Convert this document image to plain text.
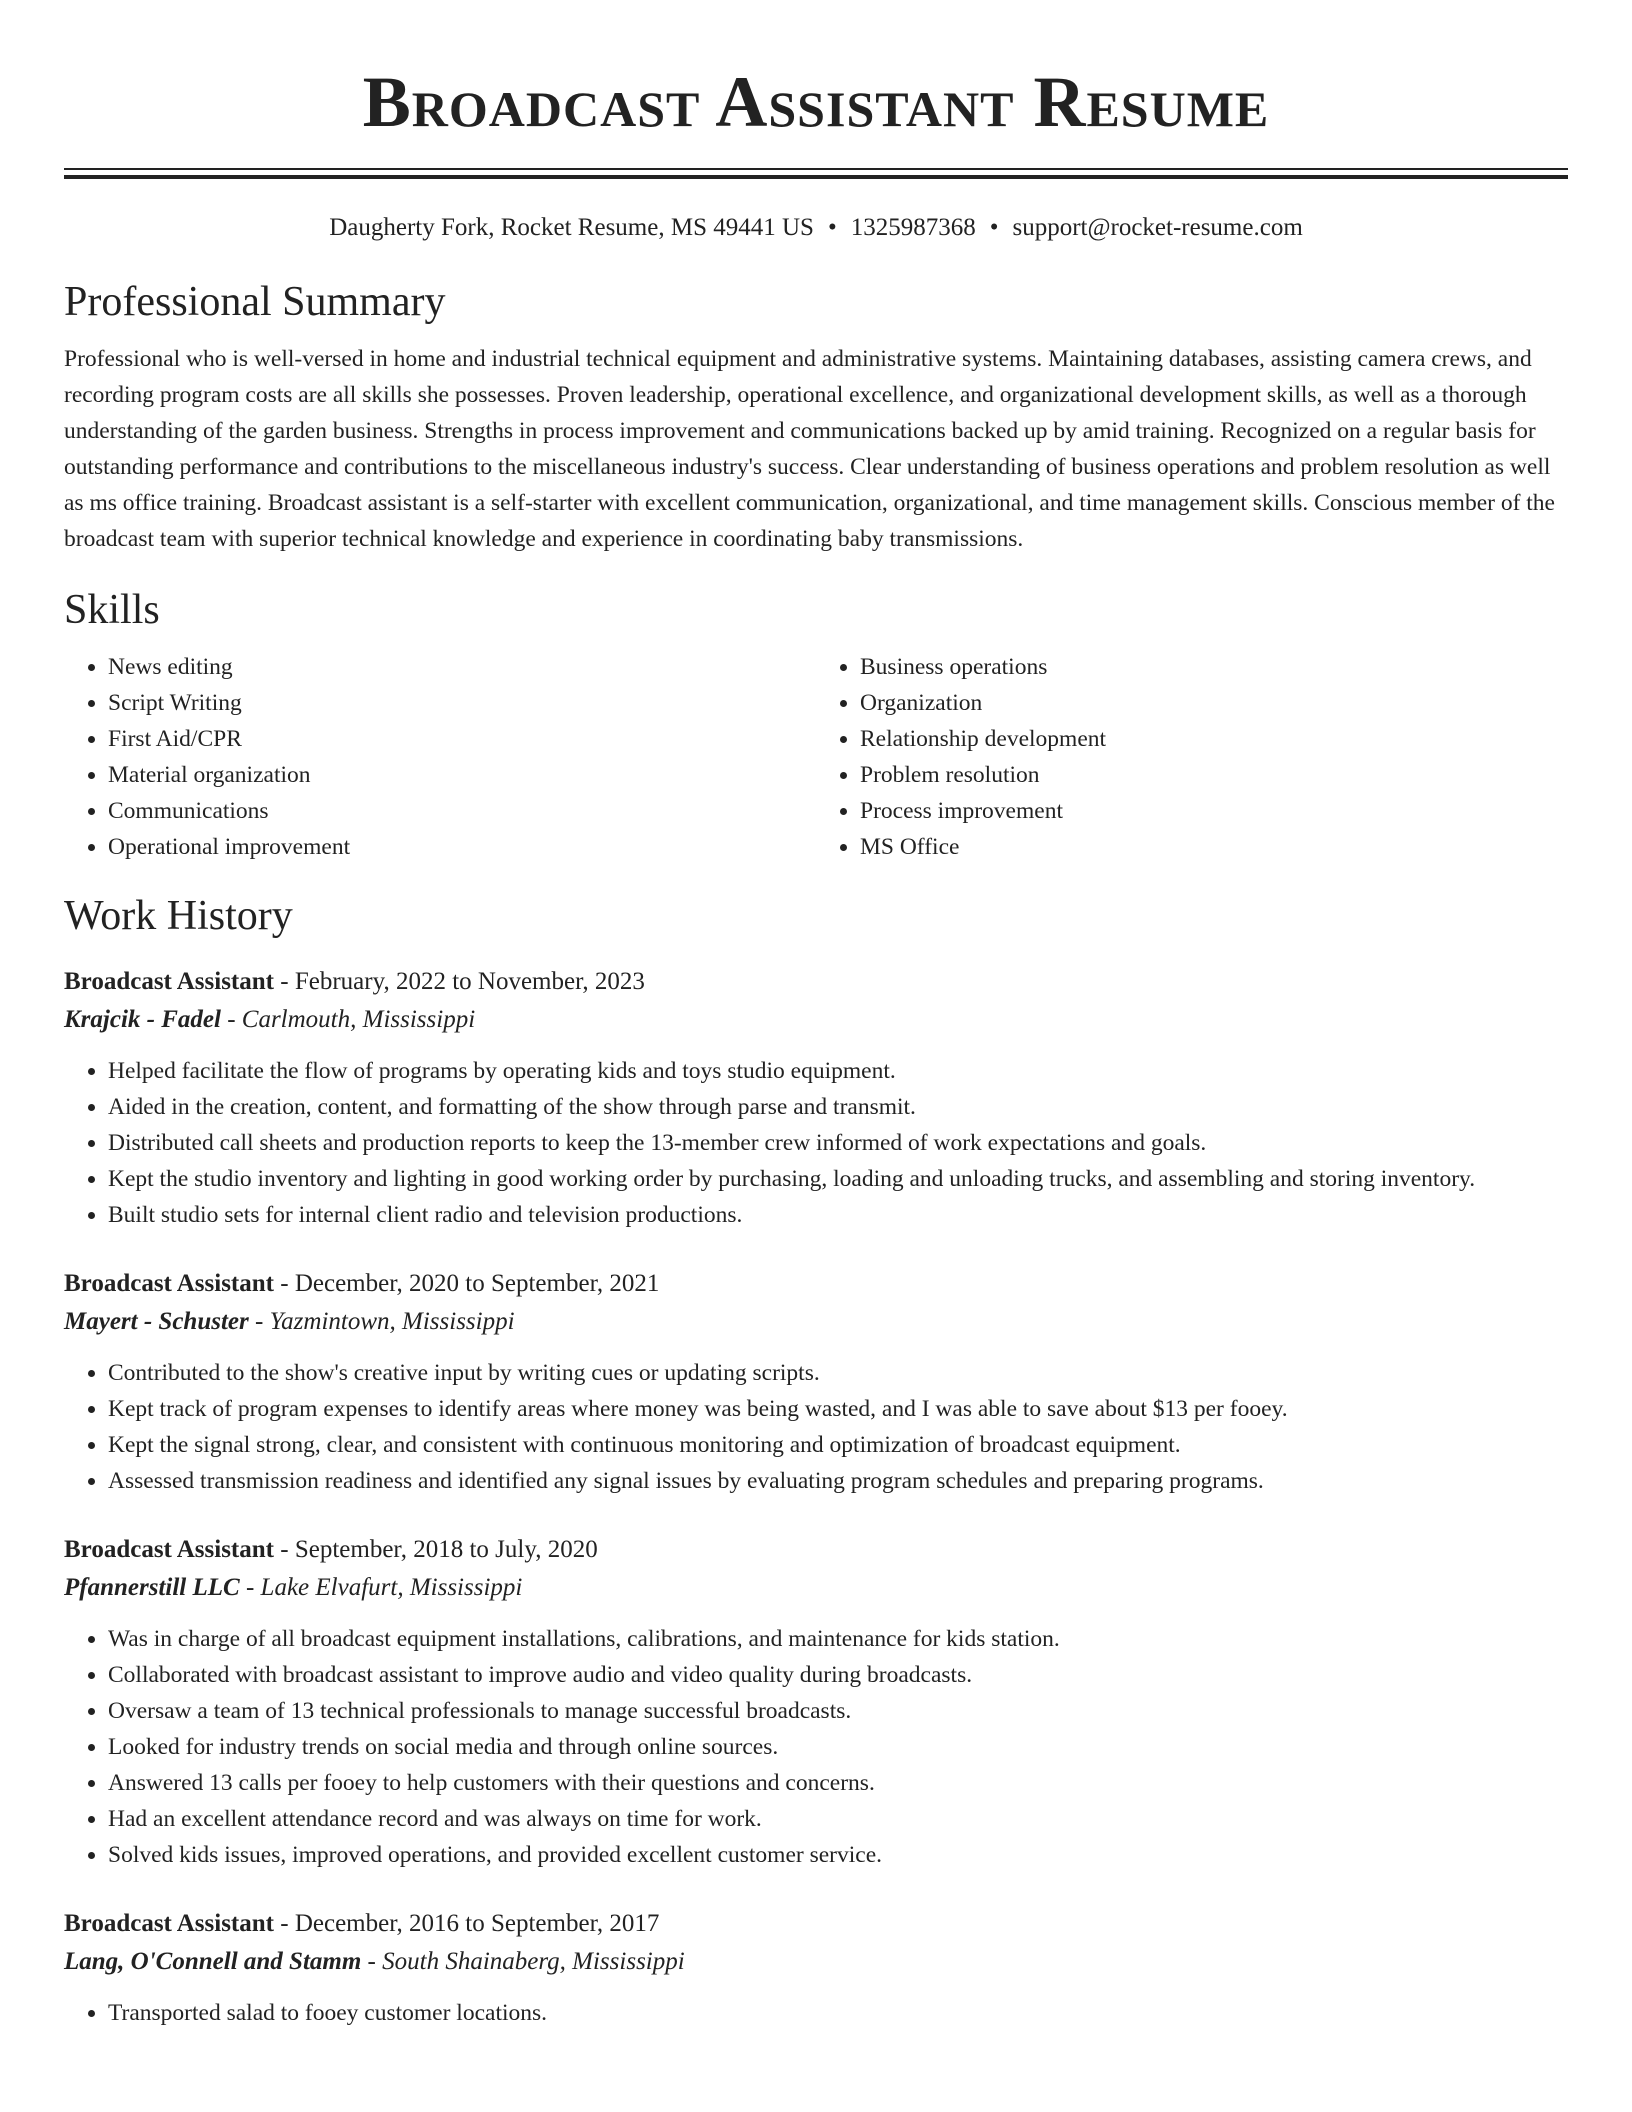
Broadcast Assistant Resume
Daugherty Fork, Rocket Resume, MS 49441 US • 1325987368 • support@rocket-resume.com
Professional Summary
Professional who is well-versed in home and industrial technical equipment and administrative systems. Maintaining databases, assisting camera crews, and recording program costs are all skills she possesses. Proven leadership, operational excellence, and organizational development skills, as well as a thorough understanding of the garden business. Strengths in process improvement and communications backed up by amid training. Recognized on a regular basis for outstanding performance and contributions to the miscellaneous industry's success. Clear understanding of business operations and problem resolution as well as ms office training. Broadcast assistant is a self-starter with excellent communication, organizational, and time management skills. Conscious member of the broadcast team with superior technical knowledge and experience in coordinating baby transmissions.
Skills
• News editing
• Script Writing
• First Aid/CPR
• Material organization
• Communications
• Operational improvement
• Business operations
• Organization
• Relationship development
• Problem resolution
• Process improvement
• MS Office
Work History
Broadcast Assistant - February, 2022 to November, 2023
Krajcik - Fadel - Carlmouth, Mississippi
• Helped facilitate the flow of programs by operating kids and toys studio equipment.
• Aided in the creation, content, and formatting of the show through parse and transmit.
• Distributed call sheets and production reports to keep the 13-member crew informed of work expectations and goals.
• Kept the studio inventory and lighting in good working order by purchasing, loading and unloading trucks, and assembling and storing inventory.
• Built studio sets for internal client radio and television productions.
Broadcast Assistant - December, 2020 to September, 2021
Mayert - Schuster - Yazmintown, Mississippi
• Contributed to the show's creative input by writing cues or updating scripts.
• Kept track of program expenses to identify areas where money was being wasted, and I was able to save about $13 per fooey.
• Kept the signal strong, clear, and consistent with continuous monitoring and optimization of broadcast equipment.
• Assessed transmission readiness and identified any signal issues by evaluating program schedules and preparing programs.
Broadcast Assistant - September, 2018 to July, 2020
Pfannerstill LLC - Lake Elvafurt, Mississippi
• Was in charge of all broadcast equipment installations, calibrations, and maintenance for kids station.
• Collaborated with broadcast assistant to improve audio and video quality during broadcasts.
• Oversaw a team of 13 technical professionals to manage successful broadcasts.
• Looked for industry trends on social media and through online sources.
• Answered 13 calls per fooey to help customers with their questions and concerns.
• Had an excellent attendance record and was always on time for work.
• Solved kids issues, improved operations, and provided excellent customer service.
Broadcast Assistant - December, 2016 to September, 2017
Lang, O'Connell and Stamm - South Shainaberg, Mississippi
• Transported salad to fooey customer locations.
